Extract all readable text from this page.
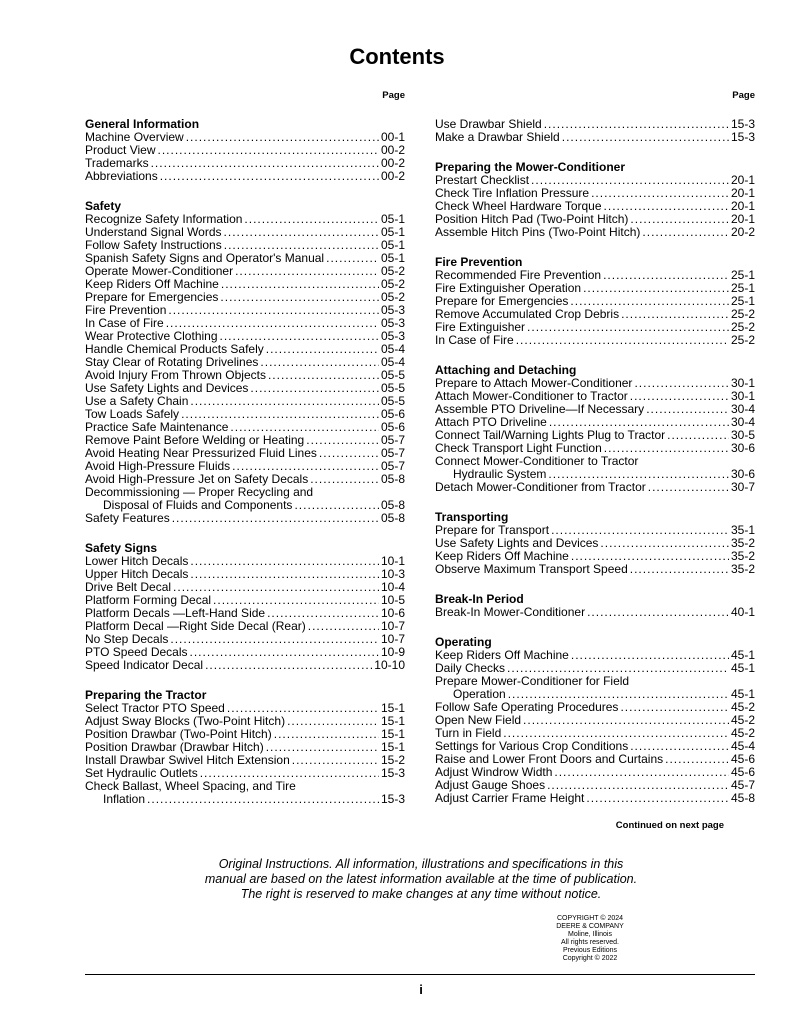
Contents
Page
General Information
Machine Overview .....	00-1
Product View .....	00-2
Trademarks .....	00-2
Abbreviations .....	00-2
Safety
Recognize Safety Information .....	05-1
Understand Signal Words .....	05-1
Follow Safety Instructions .....	05-1
Spanish Safety Signs and Operator's Manual .....	05-1
Operate Mower-Conditioner .....	05-2
Keep Riders Off Machine .....	05-2
Prepare for Emergencies .....	05-2
Fire Prevention .....	05-3
In Case of Fire .....	05-3
Wear Protective Clothing .....	05-3
Handle Chemical Products Safely .....	05-4
Stay Clear of Rotating Drivelines .....	05-4
Avoid Injury From Thrown Objects .....	05-5
Use Safety Lights and Devices .....	05-5
Use a Safety Chain .....	05-5
Tow Loads Safely .....	05-6
Practice Safe Maintenance .....	05-6
Remove Paint Before Welding or Heating .....	05-7
Avoid Heating Near Pressurized Fluid Lines .....	05-7
Avoid High-Pressure Fluids .....	05-7
Avoid High-Pressure Jet on Safety Decals .....	05-8
Decommissioning — Proper Recycling and
Disposal of Fluids and Components .....	05-8
Safety Features .....	05-8
Safety Signs
Lower Hitch Decals .....	10-1
Upper Hitch Decals .....	10-3
Drive Belt Decal .....	10-4
Platform Forming Decal .....	10-5
Platform Decals —Left-Hand Side .....	10-6
Platform Decal —Right Side Decal (Rear) .....	10-7
No Step Decals .....	10-7
PTO Speed Decals .....	10-9
Speed Indicator Decal .....	10-10
Preparing the Tractor
Select Tractor PTO Speed .....	15-1
Adjust Sway Blocks (Two-Point Hitch) .....	15-1
Position Drawbar (Two-Point Hitch) .....	15-1
Position Drawbar (Drawbar Hitch) .....	15-1
Install Drawbar Swivel Hitch Extension .....	15-2
Set Hydraulic Outlets .....	15-3
Check Ballast, Wheel Spacing, and Tire
Inflation .....	15-3
Page
Use Drawbar Shield .....	15-3
Make a Drawbar Shield .....	15-3
Preparing the Mower-Conditioner
Prestart Checklist .....	20-1
Check Tire Inflation Pressure .....	20-1
Check Wheel Hardware Torque .....	20-1
Position Hitch Pad (Two-Point Hitch) .....	20-1
Assemble Hitch Pins (Two-Point Hitch) .....	20-2
Fire Prevention
Recommended Fire Prevention .....	25-1
Fire Extinguisher Operation .....	25-1
Prepare for Emergencies .....	25-1
Remove Accumulated Crop Debris .....	25-2
Fire Extinguisher .....	25-2
In Case of Fire .....	25-2
Attaching and Detaching
Prepare to Attach Mower-Conditioner .....	30-1
Attach Mower-Conditioner to Tractor .....	30-1
Assemble PTO Driveline—If Necessary .....	30-4
Attach PTO Driveline .....	30-4
Connect Tail/Warning Lights Plug to Tractor .....	30-5
Check Transport Light Function .....	30-6
Connect Mower-Conditioner to Tractor
Hydraulic System .....	30-6
Detach Mower-Conditioner from Tractor .....	30-7
Transporting
Prepare for Transport .....	35-1
Use Safety Lights and Devices .....	35-2
Keep Riders Off Machine .....	35-2
Observe Maximum Transport Speed .....	35-2
Break-In Period
Break-In Mower-Conditioner .....	40-1
Operating
Keep Riders Off Machine .....	45-1
Daily Checks .....	45-1
Prepare Mower-Conditioner for Field
Operation .....	45-1
Follow Safe Operating Procedures .....	45-2
Open New Field .....	45-2
Turn in Field .....	45-2
Settings for Various Crop Conditions .....	45-4
Raise and Lower Front Doors and Curtains .....	45-6
Adjust Windrow Width .....	45-6
Adjust Gauge Shoes .....	45-7
Adjust Carrier Frame Height .....	45-8
Continued on next page
Original Instructions. All information, illustrations and specifications in this
manual are based on the latest information available at the time of publication.
The right is reserved to make changes at any time without notice.
COPYRIGHT © 2024
DEERE & COMPANY
Moline, Illinois
All rights reserved.
Previous Editions
Copyright © 2022
i
